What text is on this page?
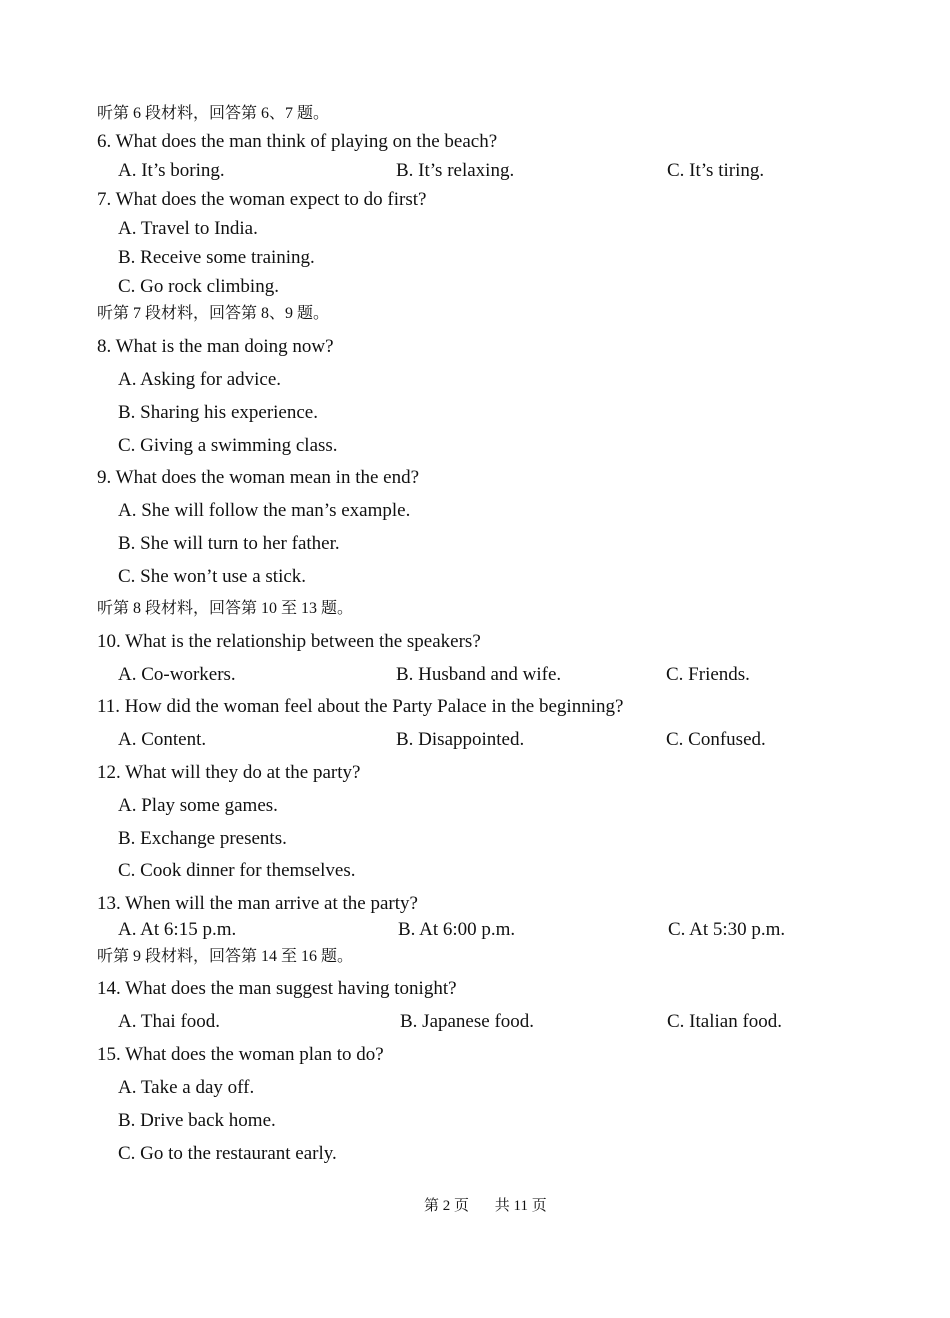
听第 6 段材料，回答第 6、7 题。
6. What does the man think of playing on the beach?
A. It’s boring.	B. It’s relaxing.	C. It’s tiring.
7. What does the woman expect to do first?
A. Travel to India.
B. Receive some training.
C. Go rock climbing.
听第 7 段材料，回答第 8、9 题。
8. What is the man doing now?
A. Asking for advice.
B. Sharing his experience.
C. Giving a swimming class.
9. What does the woman mean in the end?
A. She will follow the man’s example.
B. She will turn to her father.
C. She won’t use a stick.
听第 8 段材料，回答第 10 至 13 题。
10. What is the relationship between the speakers?
A. Co-workers.	B. Husband and wife.	C. Friends.
11. How did the woman feel about the Party Palace in the beginning?
A. Content.	B. Disappointed.	C. Confused.
12. What will they do at the party?
A. Play some games.
B. Exchange presents.
C. Cook dinner for themselves.
13. When will the man arrive at the party?
A. At 6:15 p.m.	B. At 6:00 p.m.	C. At 5:30 p.m.
听第 9 段材料，回答第 14 至 16 题。
14. What does the man suggest having tonight?
A. Thai food.	B. Japanese food.	C. Italian food.
15. What does the woman plan to do?
A. Take a day off.
B. Drive back home.
C. Go to the restaurant early.
第 2 页 共 11 页
